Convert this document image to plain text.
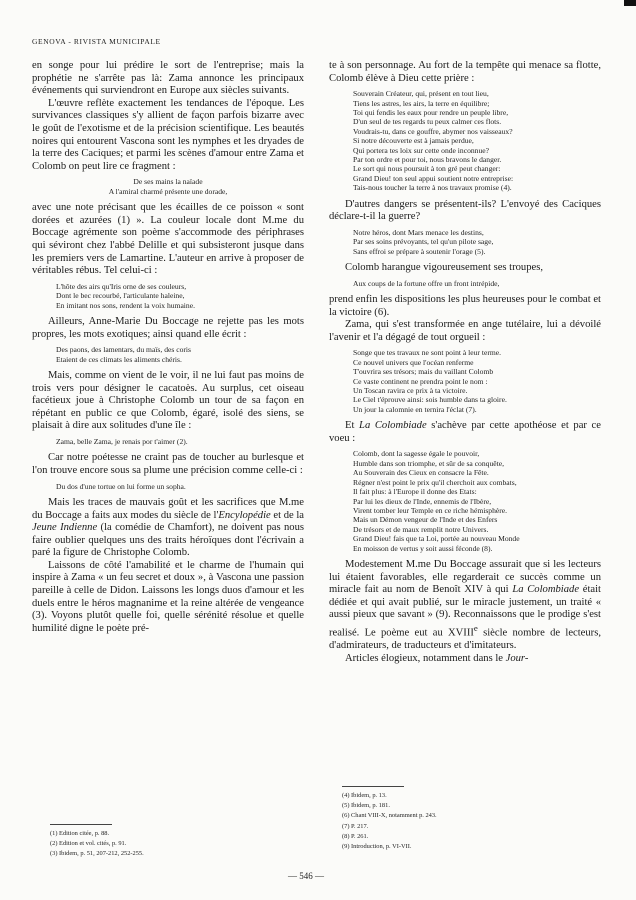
GENOVA - RIVISTA MUNICIPALE

en songe pour lui prédire le sort de l'entreprise; mais la prophétie ne s'arrête pas là: Zama annonce les principaux événements qui surviendront en Europe aux siècles suivants.

L'œuvre reflète exactement les tendances de l'époque. Les survivances classiques s'y allient de façon parfois bizarre avec le goût de l'exotisme et de la précision scientifique. Les beautés noires qui entourent Vascona sont les nymphes et les dryades de la terre des Caciques; et parmi les scènes d'amour entre Zama et Colomb on peut lire ce fragment :

De ses mains la naïade
A l'amiral charmé présente une dorade,

avec une note précisant que les écailles de ce poisson « sont dorées et azurées (1) ». La couleur locale dont M.me du Boccage agrémente son poème s'accommode des périphrases qui séviront chez l'abbé Delille et qui subsisteront jusque dans les premiers vers de Lamartine. L'auteur en arrive à proposer de véritables rébus. Tel celui-ci :

L'hôte des airs qu'Iris orne de ses couleurs,
Dont le bec recourbé, l'articulante haleine,
En imitant nos sons, rendent la voix humaine.

Ailleurs, Anne-Marie Du Boccage ne rejette pas les mots propres, les mots exotiques; ainsi quand elle écrit :

Des paons, des lamentars, du maïs, des coris
Etaient de ces climats les aliments chéris.

Mais, comme on vient de le voir, il ne lui faut pas moins de trois vers pour désigner le cacatoès. Au surplus, cet oiseau facétieux joue à Christophe Colomb un tour de sa façon en répétant en public ce que Colomb, égaré, isolé des siens, se plaisait à dire aux solitudes d'une île :

Zama, belle Zama, je renais por t'aimer (2).

Car notre poétesse ne craint pas de toucher au burlesque et l'on trouve encore sous sa plume une précision comme celle-ci :

Du dos d'une tortue on lui forme un sopha.

Mais les traces de mauvais goût et les sacrifices que M.me du Boccage a faits aux modes du siècle de l'Encylopédie et de la Jeune Indienne (la comédie de Chamfort), ne doivent pas nous faire oublier quelques uns des traits héroïques dont l'écrivain a paré la figure de Christophe Colomb.

Laissons de côté l'amabilité et le charme de l'humain qui inspire à Zama « un feu secret et doux », à Vascona une passion pareille à celle de Didon. Laissons les longs duos d'amour et les duels entre le héros magnanime et la reine altérée de vengeance (3). Voyons plutôt quelle foi, quelle sérénité résolue et quelle humilité digne le poète pré-

te à son personnage. Au fort de la tempête qui menace sa flotte, Colomb élève à Dieu cette prière :

Souverain Créateur, qui, présent en tout lieu,
Tiens les astres, les airs, la terre en équilibre;
Toi qui fendis les eaux pour rendre un peuple libre,
D'un seul de tes regards tu peux calmer ces flots.
Voudrais-tu, dans ce gouffre, abymer nos vaisseaux?
Si notre découverte est à jamais perdue,
Qui portera tes loix sur cette onde inconnue?
Par ton ordre et pour toi, nous bravons le danger.
Le sort qui nous poursuit à ton gré peut changer:
Grand Dieu! ton seul appui soutient notre entreprise:
Tais-nous toucher la terre à nos travaux promise (4).

D'autres dangers se présentent-ils? L'envoyé des Caciques déclare-t-il la guerre?

Notre héros, dont Mars menace les destins,
Par ses soins prévoyants, tel qu'un pilote sage,
Sans effroi se prépare à soutenir l'orage (5).

Colomb harangue vigoureusement ses troupes,

Aux coups de la fortune offre un front intrépide,

prend enfin les dispositions les plus heureuses pour le combat et la victoire (6).

Zama, qui s'est transformée en ange tutélaire, lui a dévoilé l'avenir et l'a dégagé de tout orgueil :

Songe que tes travaux ne sont point à leur terme.
Ce nouvel univers que l'océan renferme
T'ouvrira ses trésors; mais du vaillant Colomb
Ce vaste continent ne prendra point le nom :
Un Toscan ravira ce prix à ta victoire.
Le Ciel t'éprouve ainsi: sois humble dans ta gloire.
Un jour la calomnie en ternira l'éclat (7).

Et La Colombiade s'achève par cette apothéose et par ce voeu :

Colomb, dont la sagesse égale le pouvoir,
Humble dans son triomphe, et sûr de sa conquête,
Au Souverain des Cieux en consacre la Fête.
Régner n'est point le prix qu'il cherchoit aux combats,
Il fait plus: à l'Europe il donne des Etats:
Par lui les dieux de l'Inde, ennemis de l'Ibère,
Virent tomber leur Temple en ce riche hémisphère.
Mais un Démon vengeur de l'Inde et des Enfers
De trésors et de maux remplit notre Univers.
Grand Dieu! fais que ta Loi, portée au nouveau Monde
En moisson de vertus y soit aussi féconde (8).

Modestement M.me Du Boccage assurait que si les lecteurs lui étaient favorables, elle regarderait ce succès comme un miracle fait au nom de Benoît XIV à qui La Colombiade était dédiée et qui avait publié, sur le miracle justement, un traité « aussi pieux que savant » (9). Reconnaissons que le prodige s'est realisé. Le poème eut au XVIIIe siècle nombre de lecteurs, d'admirateurs, de traducteurs et d'imitateurs.

Articles élogieux, notamment dans le Jour-

(4) Ibidem, p. 13.
(5) Ibidem, p. 181.
(6) Chant VIII-X, notamment p. 243.
(7) P. 217.
(8) P. 261.
(9) Introduction, p. VI-VII.
(1) Edition citée, p. 88.
(2) Edition et vol. cités, p. 91.
(3) Ibidem, p. 51, 207-212, 252-255.
— 546 —
